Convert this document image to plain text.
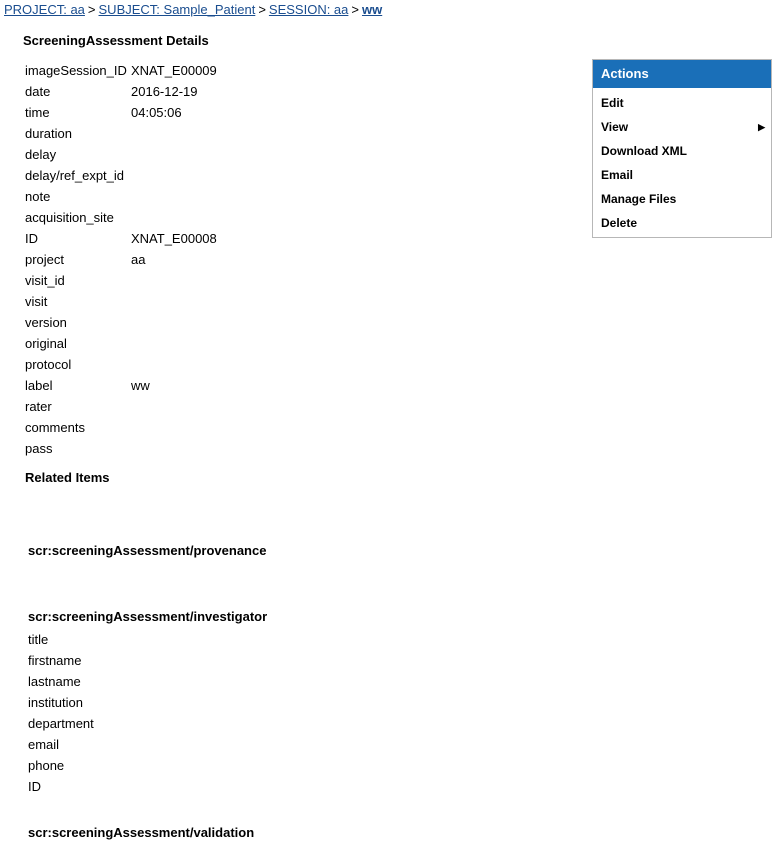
PROJECT: aa > SUBJECT: Sample_Patient > SESSION: aa > ww
ScreeningAssessment Details
imageSession_ID XNAT_E00009
date	2016-12-19
time	04:05:06
duration
delay
delay/ref_expt_id
note
acquisition_site
ID	XNAT_E00008
project	aa
visit_id
visit
version
original
protocol
label	ww
rater
comments
pass
Related Items
scr:screeningAssessment/provenance
scr:screeningAssessment/investigator
title
firstname
lastname
institution
department
email
phone
ID
scr:screeningAssessment/validation
Actions
Edit
View	▶
Download XML
Email
Manage Files
Delete
